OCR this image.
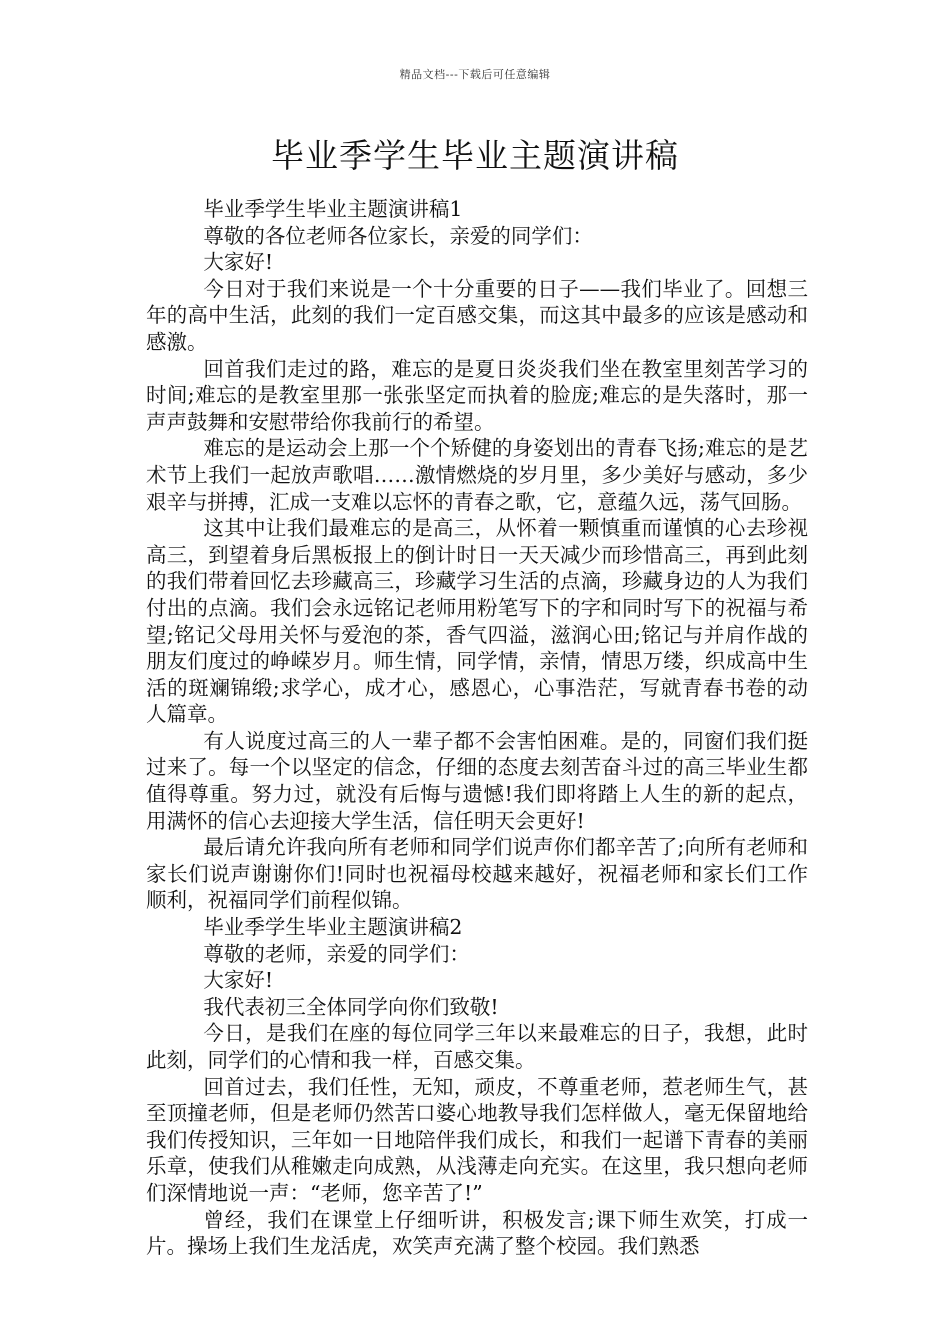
精品文档---下载后可任意编辑
毕业季学生毕业主题演讲稿

毕业季学生毕业主题演讲稿1

尊敬的各位老师各位家长，亲爱的同学们：

大家好!

今日对于我们来说是一个十分重要的日子——我们毕业了。回想三年的高中生活，此刻的我们一定百感交集，而这其中最多的应该是感动和感激。

回首我们走过的路，难忘的是夏日炎炎我们坐在教室里刻苦学习的时间;难忘的是教室里那一张张坚定而执着的脸庞;难忘的是失落时，那一声声鼓舞和安慰带给你我前行的希望。

难忘的是运动会上那一个个矫健的身姿划出的青春飞扬;难忘的是艺术节上我们一起放声歌唱……激情燃烧的岁月里，多少美好与感动，多少艰辛与拼搏，汇成一支难以忘怀的青春之歌，它，意蕴久远，荡气回肠。

这其中让我们最难忘的是高三，从怀着一颗慎重而谨慎的心去珍视高三，到望着身后黑板报上的倒计时日一天天减少而珍惜高三，再到此刻的我们带着回忆去珍藏高三，珍藏学习生活的点滴，珍藏身边的人为我们付出的点滴。我们会永远铭记老师用粉笔写下的字和同时写下的祝福与希望;铭记父母用关怀与爱泡的茶，香气四溢，滋润心田;铭记与并肩作战的朋友们度过的峥嵘岁月。师生情，同学情，亲情，情思万缕，织成高中生活的斑斓锦缎;求学心，成才心，感恩心，心事浩茫，写就青春书卷的动人篇章。

有人说度过高三的人一辈子都不会害怕困难。是的，同窗们我们挺过来了。每一个以坚定的信念，仔细的态度去刻苦奋斗过的高三毕业生都值得尊重。努力过，就没有后悔与遗憾!我们即将踏上人生的新的起点，用满怀的信心去迎接大学生活，信任明天会更好!

最后请允许我向所有老师和同学们说声你们都辛苦了;向所有老师和家长们说声谢谢你们!同时也祝福母校越来越好，祝福老师和家长们工作顺利，祝福同学们前程似锦。

毕业季学生毕业主题演讲稿2

尊敬的老师，亲爱的同学们：

大家好!

我代表初三全体同学向你们致敬!

今日，是我们在座的每位同学三年以来最难忘的日子，我想，此时此刻，同学们的心情和我一样，百感交集。

回首过去，我们任性，无知，顽皮，不尊重老师，惹老师生气，甚至顶撞老师，但是老师仍然苦口婆心地教导我们怎样做人，毫无保留地给我们传授知识，三年如一日地陪伴我们成长，和我们一起谱下青春的美丽乐章，使我们从稚嫩走向成熟，从浅薄走向充实。在这里，我只想向老师们深情地说一声：“老师，您辛苦了!”

曾经，我们在课堂上仔细听讲，积极发言;课下师生欢笑，打成一片。操场上我们生龙活虎，欢笑声充满了整个校园。我们熟悉
